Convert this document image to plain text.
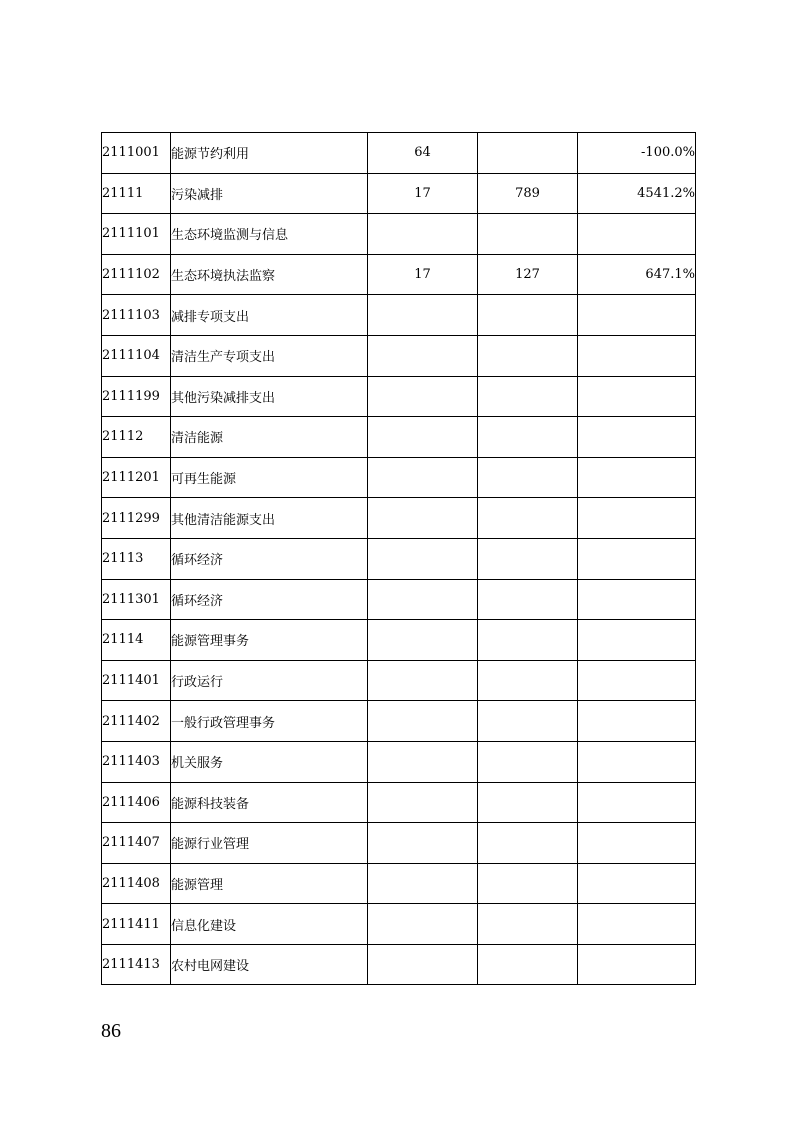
2111001	能源节约利用	64		-100.0%
21111	污染减排	17	789	4541.2%
2111101	生态环境监测与信息			
2111102	生态环境执法监察	17	127	647.1%
2111103	减排专项支出			
2111104	清洁生产专项支出			
2111199	其他污染减排支出			
21112	清洁能源			
2111201	可再生能源			
2111299	其他清洁能源支出			
21113	循环经济			
2111301	循环经济			
21114	能源管理事务			
2111401	行政运行			
2111402	一般行政管理事务			
2111403	机关服务			
2111406	能源科技装备			
2111407	能源行业管理			
2111408	能源管理			
2111411	信息化建设			
2111413	农村电网建设			
86
